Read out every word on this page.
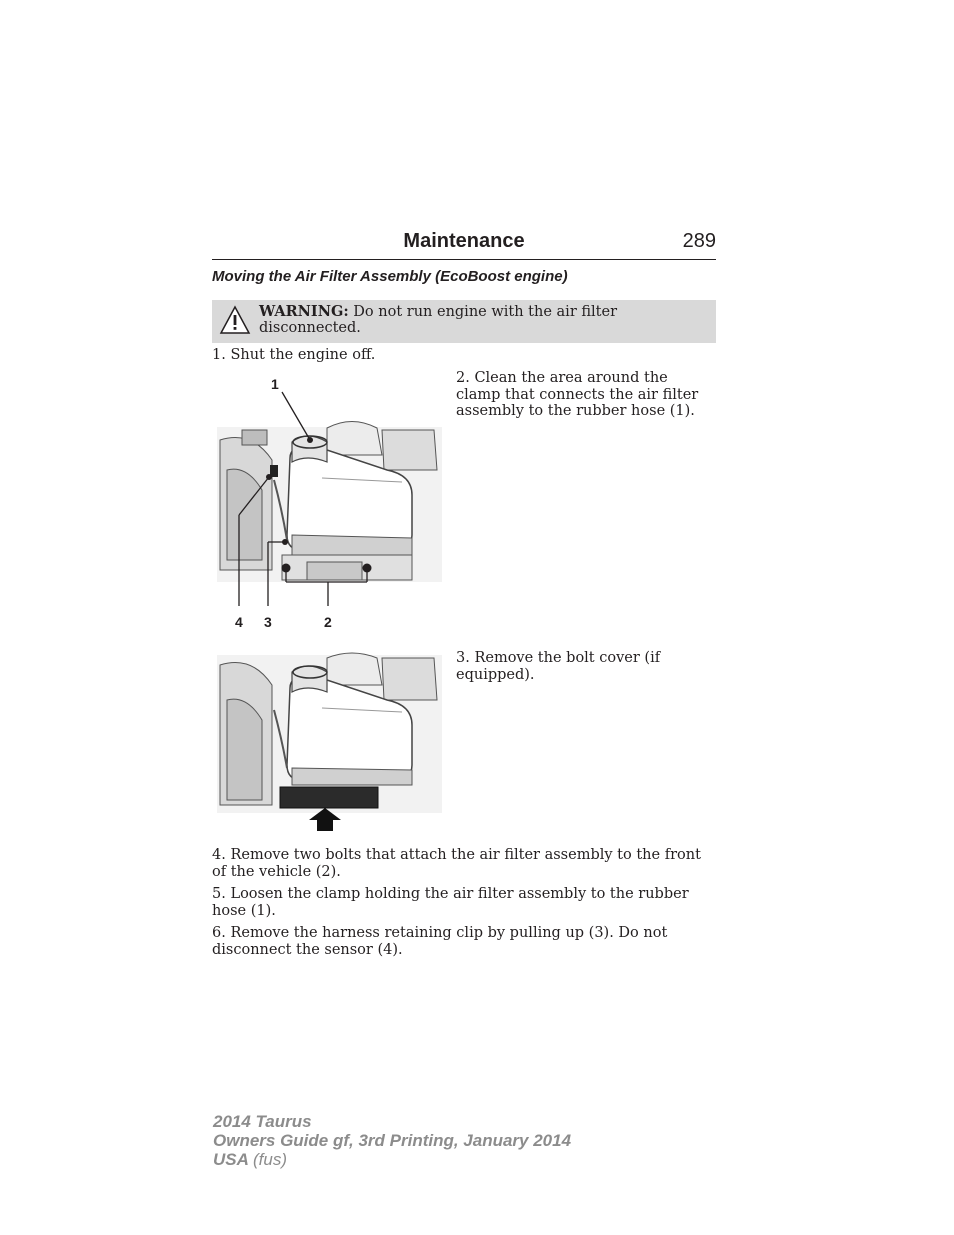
Maintenance	289
Moving the Air Filter Assembly (EcoBoost engine)
WARNING: Do not run engine with the air filter disconnected.
1. Shut the engine off.
1
4 3	2
2. Clean the area around the clamp that connects the air filter assembly to the rubber hose (1).
3. Remove the bolt cover (if equipped).
4. Remove two bolts that attach the air filter assembly to the front of the vehicle (2).
5. Loosen the clamp holding the air filter assembly to the rubber hose (1).
6. Remove the harness retaining clip by pulling up (3). Do not disconnect the sensor (4).
2014 Taurus
Owners Guide gf, 3rd Printing, January 2014
USA (fus)
